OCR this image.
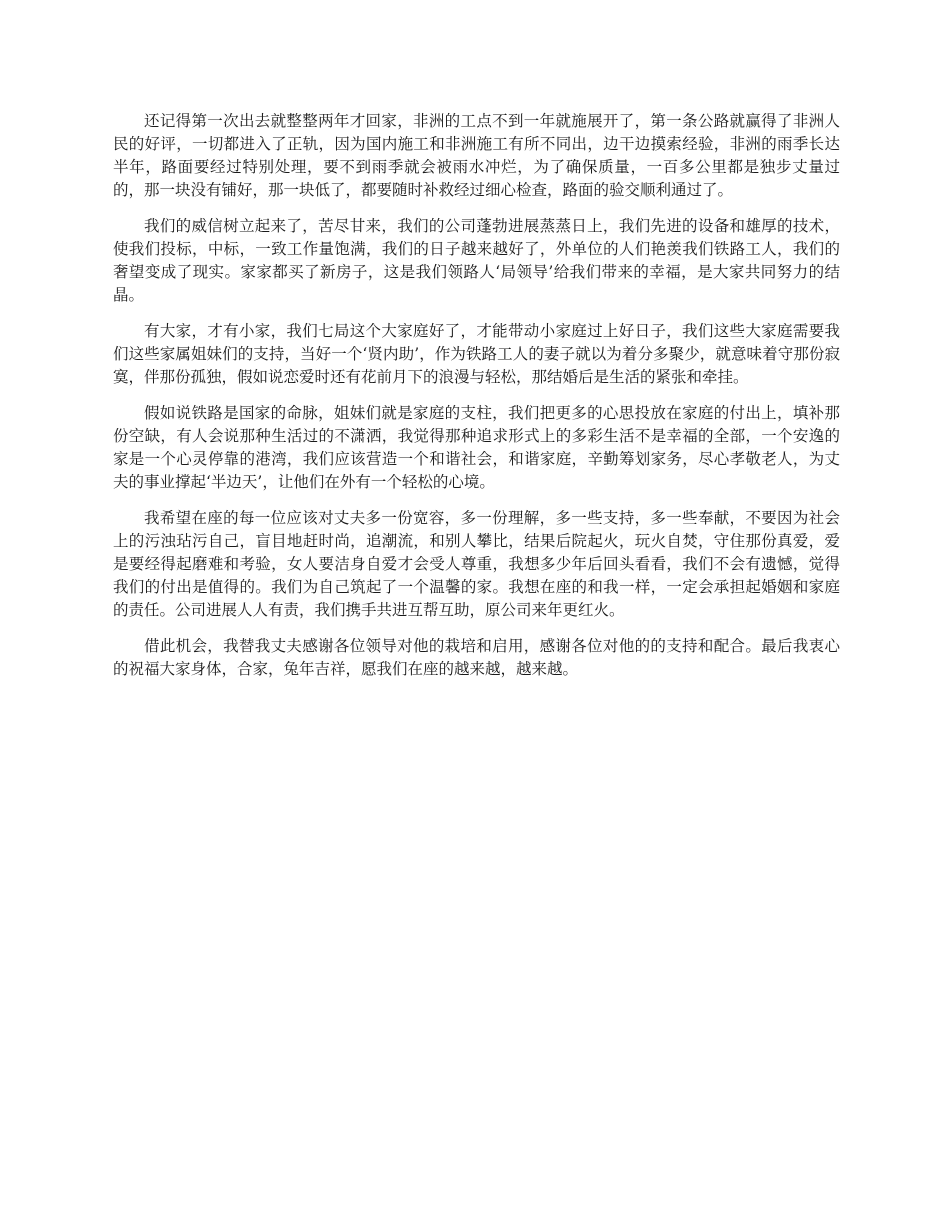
还记得第一次出去就整整两年才回家，非洲的工点不到一年就施展开了，第一条公路就赢得了非洲人民的好评，一切都进入了正轨，因为国内施工和非洲施工有所不同出，边干边摸索经验，非洲的雨季长达半年，路面要经过特别处理，要不到雨季就会被雨水冲烂，为了确保质量，一百多公里都是独步丈量过的，那一块没有铺好，那一块低了，都要随时补救经过细心检查，路面的验交顺利通过了。

我们的威信树立起来了，苦尽甘来，我们的公司蓬勃进展蒸蒸日上，我们先进的设备和雄厚的技术，使我们投标，中标，一致工作量饱满，我们的日子越来越好了，外单位的人们艳羡我们铁路工人，我们的奢望变成了现实。家家都买了新房子，这是我们领路人‘局领导’给我们带来的幸福，是大家共同努力的结晶。

有大家，才有小家，我们七局这个大家庭好了，才能带动小家庭过上好日子，我们这些大家庭需要我们这些家属姐妹们的支持，当好一个‘贤内助’，作为铁路工人的妻子就以为着分多聚少，就意味着守那份寂寞，伴那份孤独，假如说恋爱时还有花前月下的浪漫与轻松，那结婚后是生活的紧张和牵挂。

假如说铁路是国家的命脉，姐妹们就是家庭的支柱，我们把更多的心思投放在家庭的付出上，填补那份空缺，有人会说那种生活过的不潇洒，我觉得那种追求形式上的多彩生活不是幸福的全部，一个安逸的家是一个心灵停靠的港湾，我们应该营造一个和谐社会，和谐家庭，辛勤筹划家务，尽心孝敬老人，为丈夫的事业撑起‘半边天’，让他们在外有一个轻松的心境。

我希望在座的每一位应该对丈夫多一份宽容，多一份理解，多一些支持，多一些奉献，不要因为社会上的污浊玷污自己，盲目地赶时尚，追潮流，和别人攀比，结果后院起火，玩火自焚，守住那份真爱，爱是要经得起磨难和考验，女人要洁身自爱才会受人尊重，我想多少年后回头看看，我们不会有遗憾，觉得我们的付出是值得的。我们为自己筑起了一个温馨的家。我想在座的和我一样，一定会承担起婚姻和家庭的责任。公司进展人人有责，我们携手共进互帮互助，原公司来年更红火。

借此机会，我替我丈夫感谢各位领导对他的栽培和启用，感谢各位对他的的支持和配合。最后我衷心的祝福大家身体，合家，兔年吉祥，愿我们在座的越来越，越来越。
